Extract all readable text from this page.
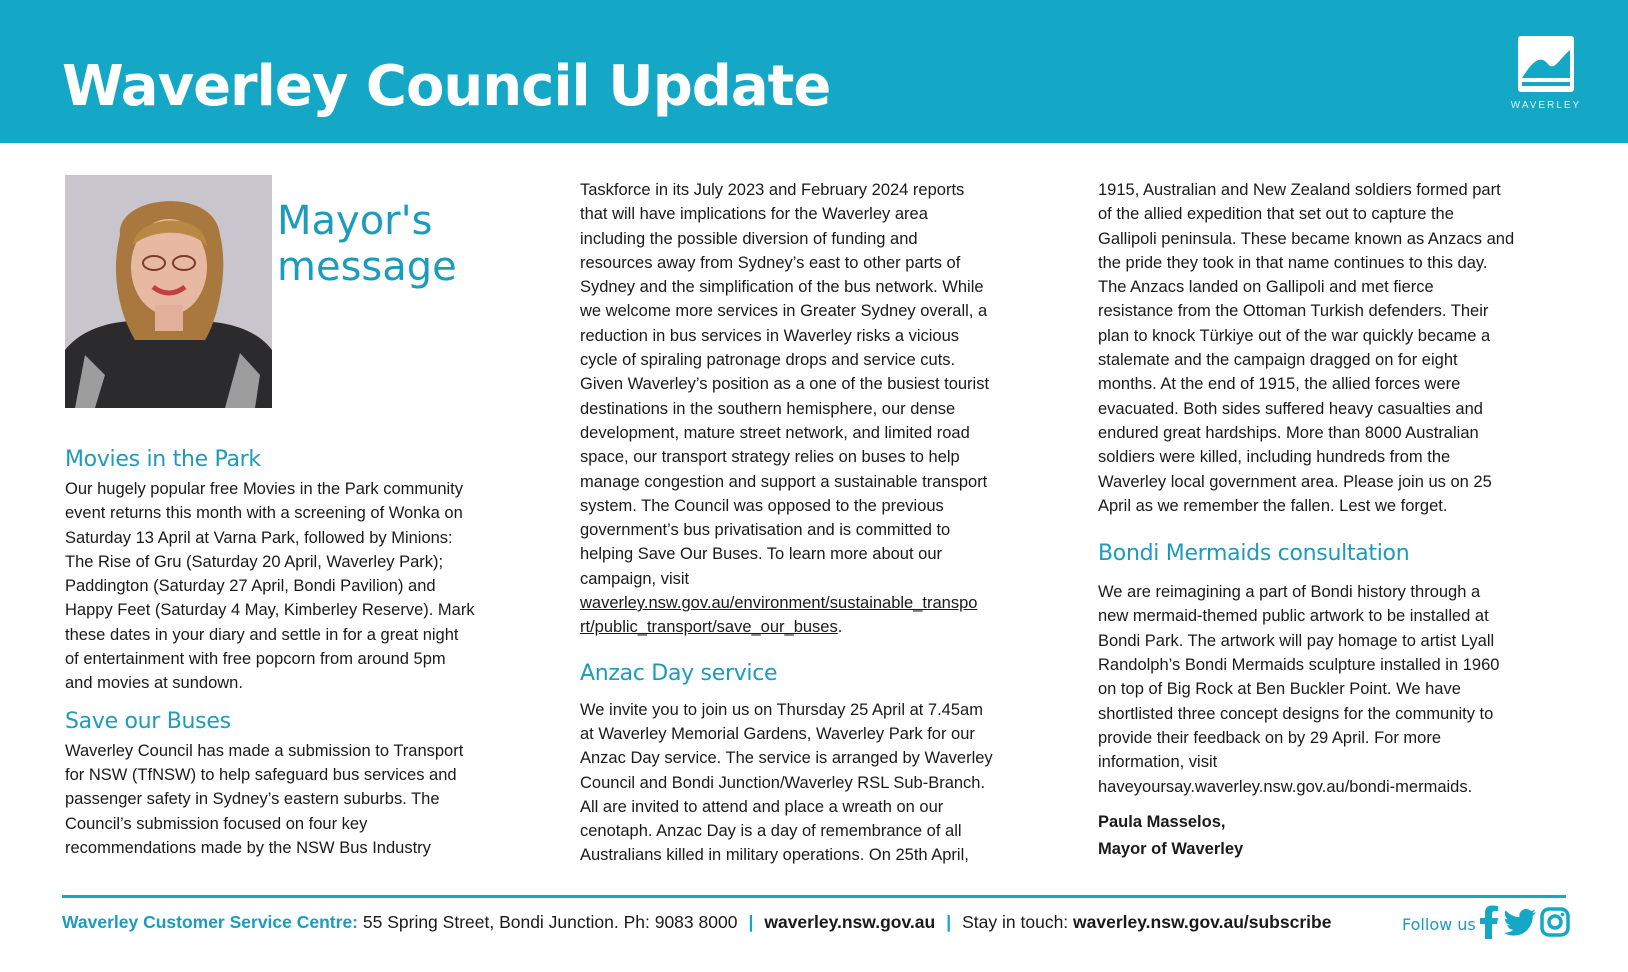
Waverley Council Update	WAVERLEY
Mayor's
message
Movies in the Park
Our hugely popular free Movies in the Park community
event returns this month with a screening of Wonka on
Saturday 13 April at Varna Park, followed by Minions:
The Rise of Gru (Saturday 20 April, Waverley Park);
Paddington (Saturday 27 April, Bondi Pavilion) and
Happy Feet (Saturday 4 May, Kimberley Reserve). Mark
these dates in your diary and settle in for a great night
of entertainment with free popcorn from around 5pm
and movies at sundown.
Save our Buses
Waverley Council has made a submission to Transport
for NSW (TfNSW) to help safeguard bus services and
passenger safety in Sydney’s eastern suburbs. The
Council’s submission focused on four key
recommendations made by the NSW Bus Industry
Taskforce in its July 2023 and February 2024 reports
that will have implications for the Waverley area
including the possible diversion of funding and
resources away from Sydney’s east to other parts of
Sydney and the simplification of the bus network. While
we welcome more services in Greater Sydney overall, a
reduction in bus services in Waverley risks a vicious
cycle of spiraling patronage drops and service cuts.
Given Waverley’s position as a one of the busiest tourist
destinations in the southern hemisphere, our dense
development, mature street network, and limited road
space, our transport strategy relies on buses to help
manage congestion and support a sustainable transport
system. The Council was opposed to the previous
government’s bus privatisation and is committed to
helping Save Our Buses. To learn more about our
campaign, visit
waverley.nsw.gov.au/environment/sustainable_transpo
rt/public_transport/save_our_buses.
Anzac Day service
We invite you to join us on Thursday 25 April at 7.45am
at Waverley Memorial Gardens, Waverley Park for our
Anzac Day service. The service is arranged by Waverley
Council and Bondi Junction/Waverley RSL Sub-Branch.
All are invited to attend and place a wreath on our
cenotaph. Anzac Day is a day of remembrance of all
Australians killed in military operations. On 25th April,
1915, Australian and New Zealand soldiers formed part
of the allied expedition that set out to capture the
Gallipoli peninsula. These became known as Anzacs and
the pride they took in that name continues to this day.
The Anzacs landed on Gallipoli and met fierce
resistance from the Ottoman Turkish defenders. Their
plan to knock Türkiye out of the war quickly became a
stalemate and the campaign dragged on for eight
months. At the end of 1915, the allied forces were
evacuated. Both sides suffered heavy casualties and
endured great hardships. More than 8000 Australian
soldiers were killed, including hundreds from the
Waverley local government area. Please join us on 25
April as we remember the fallen. Lest we forget.
Bondi Mermaids consultation
We are reimagining a part of Bondi history through a
new mermaid-themed public artwork to be installed at
Bondi Park. The artwork will pay homage to artist Lyall
Randolph’s Bondi Mermaids sculpture installed in 1960
on top of Big Rock at Ben Buckler Point. We have
shortlisted three concept designs for the community to
provide their feedback on by 29 April. For more
information, visit
haveyoursay.waverley.nsw.gov.au/bondi-mermaids.
Paula Masselos,
Mayor of Waverley
Waverley Customer Service Centre: 55 Spring Street, Bondi Junction. Ph: 9083 8000 | waverley.nsw.gov.au | Stay in touch: waverley.nsw.gov.au/subscribe	Follow us
